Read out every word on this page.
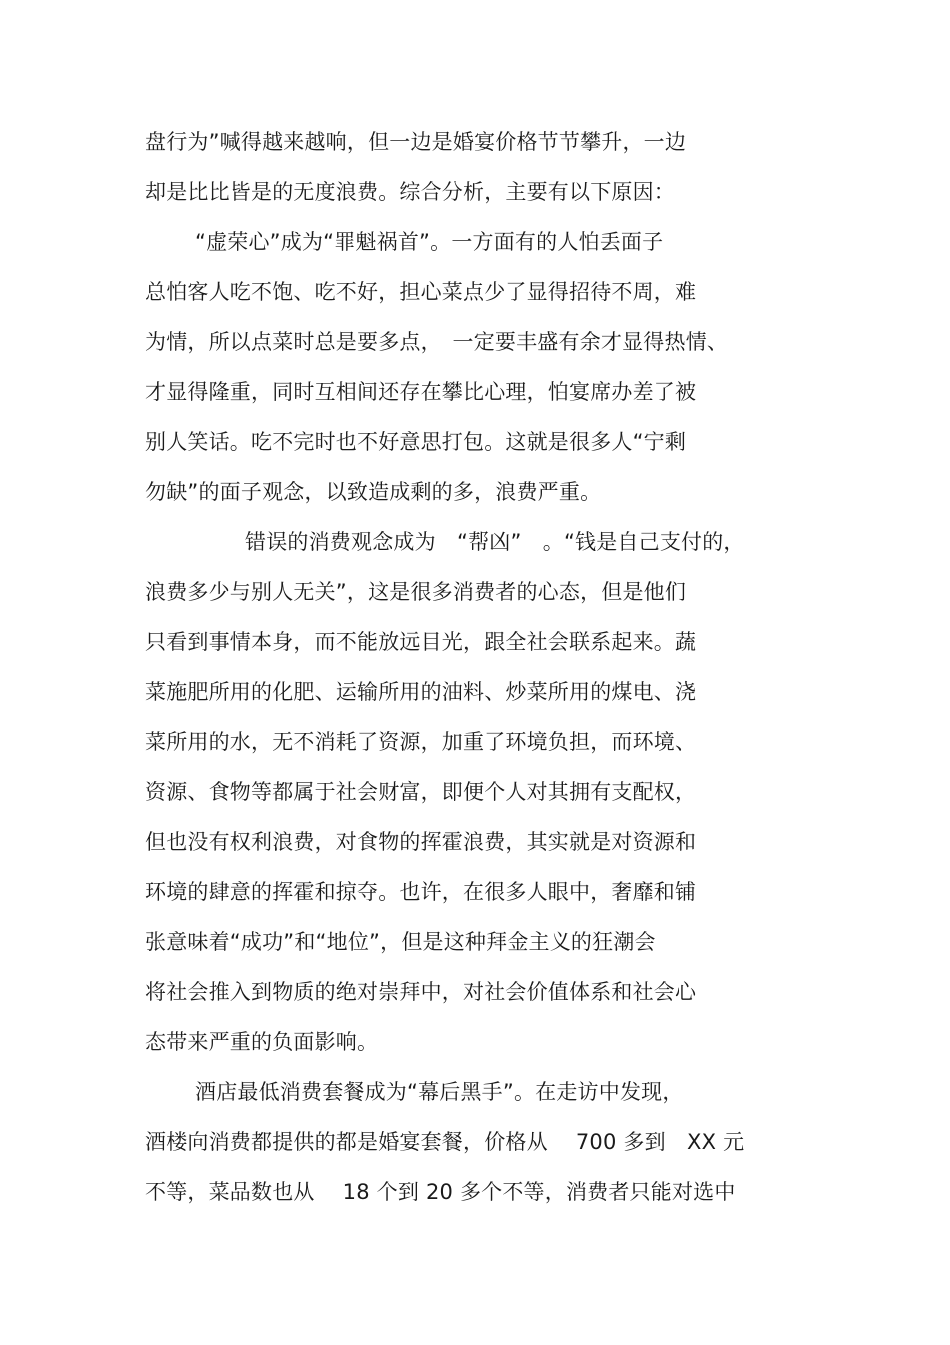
盘行为”喊得越来越响，但一边是婚宴价格节节攀升，一边
却是比比皆是的无度浪费。综合分析，主要有以下原因：
“虚荣心”成为“罪魁祸首”。一方面有的人怕丢面子
总怕客人吃不饱、吃不好，担心菜点少了显得招待不周，难
为情，所以点菜时总是要多点，　一定要丰盛有余才显得热情、
才显得隆重，同时互相间还存在攀比心理，怕宴席办差了被
别人笑话。吃不完时也不好意思打包。这就是很多人“宁剩
勿缺”的面子观念，以致造成剩的多，浪费严重。
错误的消费观念成为　“帮凶”　。“钱是自己支付的，
浪费多少与别人无关”，这是很多消费者的心态，但是他们
只看到事情本身，而不能放远目光，跟全社会联系起来。蔬
菜施肥所用的化肥、运输所用的油料、炒菜所用的煤电、浇
菜所用的水，无不消耗了资源，加重了环境负担，而环境、
资源、食物等都属于社会财富，即便个人对其拥有支配权，
但也没有权利浪费，对食物的挥霍浪费，其实就是对资源和
环境的肆意的挥霍和掠夺。也许，在很多人眼中，奢靡和铺
张意味着“成功”和“地位”，但是这种拜金主义的狂潮会
将社会推入到物质的绝对崇拜中，对社会价值体系和社会心
态带来严重的负面影响。
酒店最低消费套餐成为“幕后黑手”。在走访中发现，
酒楼向消费都提供的都是婚宴套餐，价格从　 700 多到　XX 元
不等，菜品数也从　 18 个到 20 多个不等，消费者只能对选中
